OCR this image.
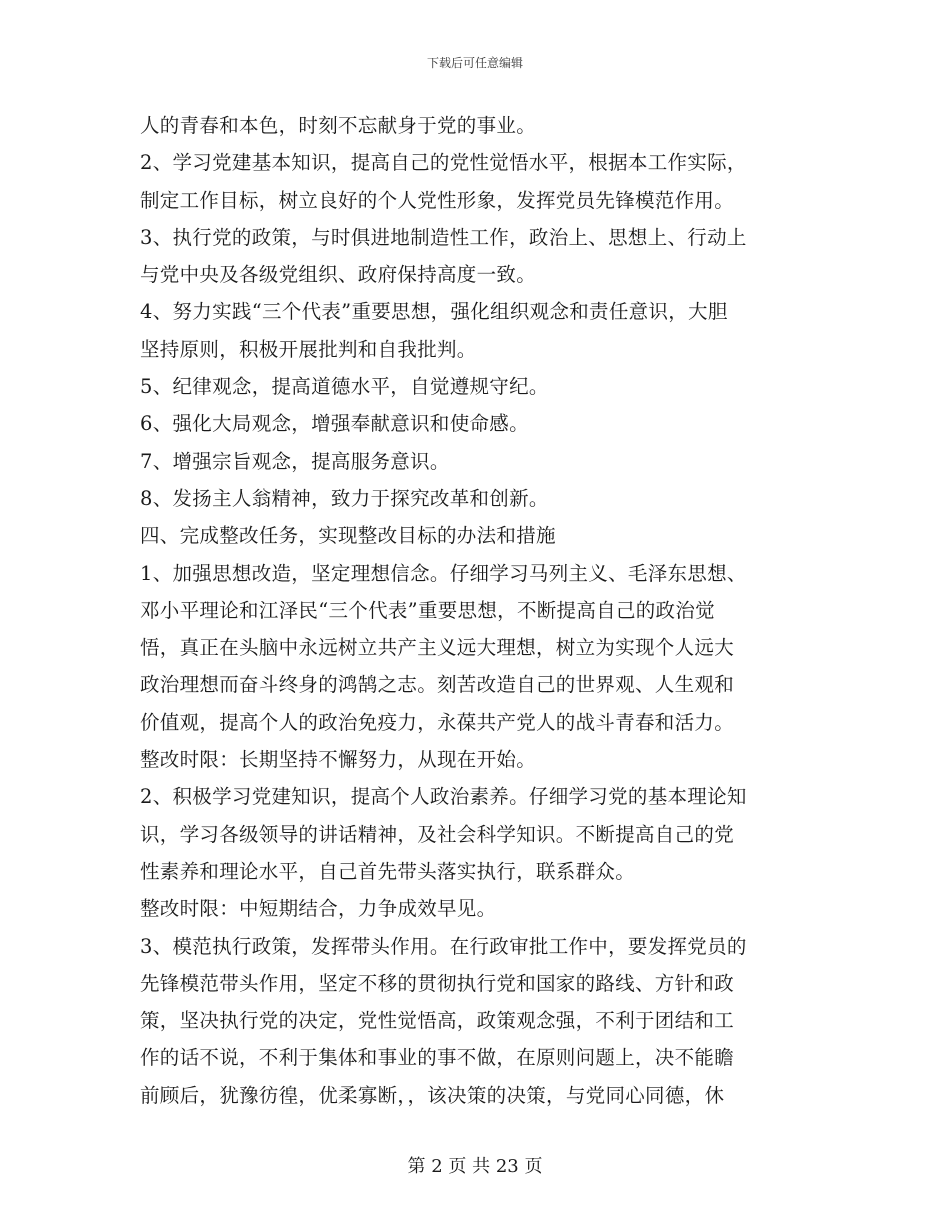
下载后可任意编辑
人的青春和本色，时刻不忘献身于党的事业。
2、学习党建基本知识，提高自己的党性觉悟水平，根据本工作实际，
制定工作目标，树立良好的个人党性形象，发挥党员先锋模范作用。
3、执行党的政策，与时俱进地制造性工作，政治上、思想上、行动上
与党中央及各级党组织、政府保持高度一致。
4、努力实践“三个代表”重要思想，强化组织观念和责任意识，大胆
坚持原则，积极开展批判和自我批判。
5、纪律观念，提高道德水平，自觉遵规守纪。
6、强化大局观念，增强奉献意识和使命感。
7、增强宗旨观念，提高服务意识。
8、发扬主人翁精神，致力于探究改革和创新。
四、完成整改任务，实现整改目标的办法和措施
1、加强思想改造，坚定理想信念。仔细学习马列主义、毛泽东思想、
邓小平理论和江泽民“三个代表”重要思想，不断提高自己的政治觉
悟，真正在头脑中永远树立共产主义远大理想，树立为实现个人远大
政治理想而奋斗终身的鸿鹄之志。刻苦改造自己的世界观、人生观和
价值观，提高个人的政治免疫力，永葆共产党人的战斗青春和活力。
整改时限：长期坚持不懈努力，从现在开始。
2、积极学习党建知识，提高个人政治素养。仔细学习党的基本理论知
识，学习各级领导的讲话精神，及社会科学知识。不断提高自己的党
性素养和理论水平，自己首先带头落实执行，联系群众。
整改时限：中短期结合，力争成效早见。
3、模范执行政策，发挥带头作用。在行政审批工作中，要发挥党员的
先锋模范带头作用，坚定不移的贯彻执行党和国家的路线、方针和政
策，坚决执行党的决定，党性觉悟高，政策观念强，不利于团结和工
作的话不说，不利于集体和事业的事不做，在原则问题上，决不能瞻
前顾后，犹豫彷徨，优柔寡断，，该决策的决策，与党同心同德，休
第 2 页 共 23 页
